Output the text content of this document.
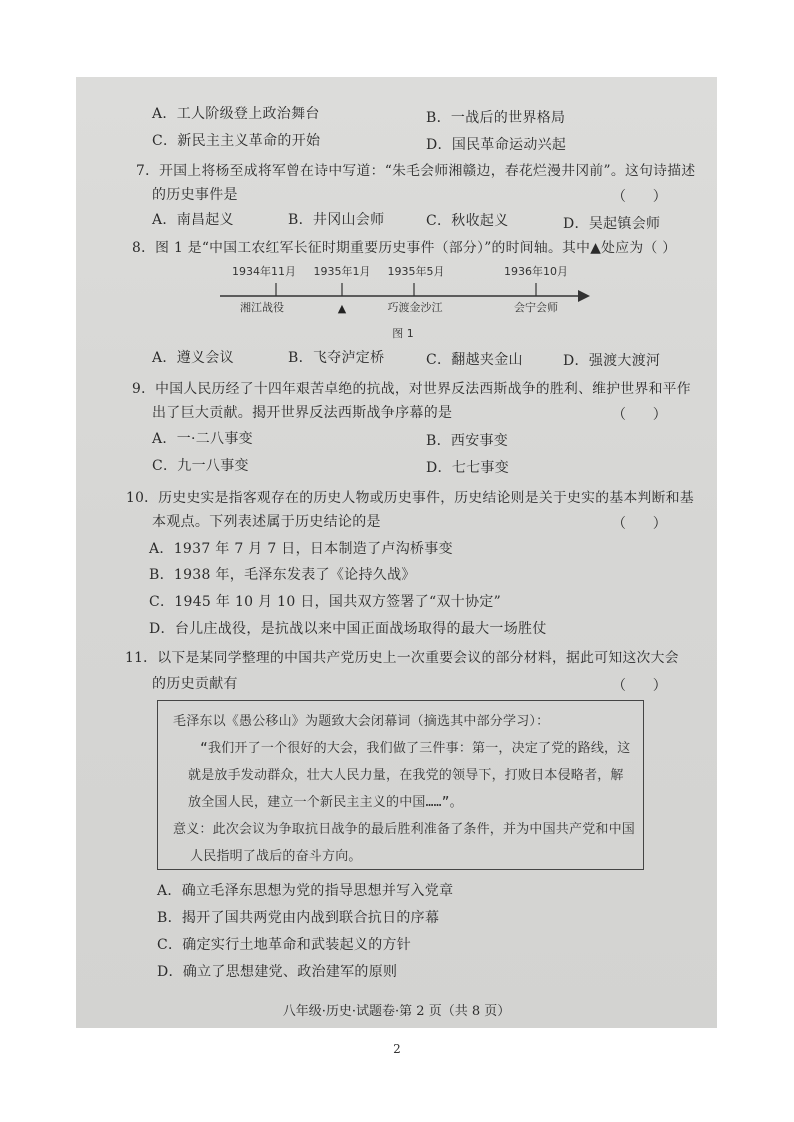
A．工人阶级登上政治舞台	B．一战后的世界格局
C．新民主主义革命的开始	D．国民革命运动兴起
7．开国上将杨至成将军曾在诗中写道：“朱毛会师湘赣边，春花烂漫井冈前”。这句诗描述
的历史事件是	（      ）
A．南昌起义	B．井冈山会师	C．秋收起义	D．吴起镇会师
8．图 1 是“中国工农红军长征时期重要历史事件（部分）”的时间轴。其中▲处应为（ ）
1934年11月 1935年1月 1935年5月	1936年10月
湘江战役	▲	巧渡金沙江	会宁会师
图 1
A．遵义会议	B．飞夺泸定桥	C．翻越夹金山	D．强渡大渡河
9．中国人民历经了十四年艰苦卓绝的抗战，对世界反法西斯战争的胜利、维护世界和平作
出了巨大贡献。揭开世界反法西斯战争序幕的是	（      ）
A．一·二八事变	B．西安事变
C．九一八事变	D．七七事变
10．历史史实是指客观存在的历史人物或历史事件，历史结论则是关于史实的基本判断和基
本观点。下列表述属于历史结论的是	（      ）
A．1937 年 7 月 7 日，日本制造了卢沟桥事变
B．1938 年，毛泽东发表了《论持久战》
C．1945 年 10 月 10 日，国共双方签署了“双十协定”
D．台儿庄战役，是抗战以来中国正面战场取得的最大一场胜仗
11．以下是某同学整理的中国共产党历史上一次重要会议的部分材料，据此可知这次大会
的历史贡献有	（      ）
毛泽东以《愚公移山》为题致大会闭幕词（摘选其中部分学习）：
“我们开了一个很好的大会，我们做了三件事：第一，决定了党的路线，这
就是放手发动群众，壮大人民力量，在我党的领导下，打败日本侵略者，解
放全国人民，建立一个新民主主义的中国……”。
意义：此次会议为争取抗日战争的最后胜利准备了条件，并为中国共产党和中国
人民指明了战后的奋斗方向。
A．确立毛泽东思想为党的指导思想并写入党章
B．揭开了国共两党由内战到联合抗日的序幕
C．确定实行土地革命和武装起义的方针
D．确立了思想建党、政治建军的原则
八年级·历史·试题卷·第 2 页（共 8 页）
2
